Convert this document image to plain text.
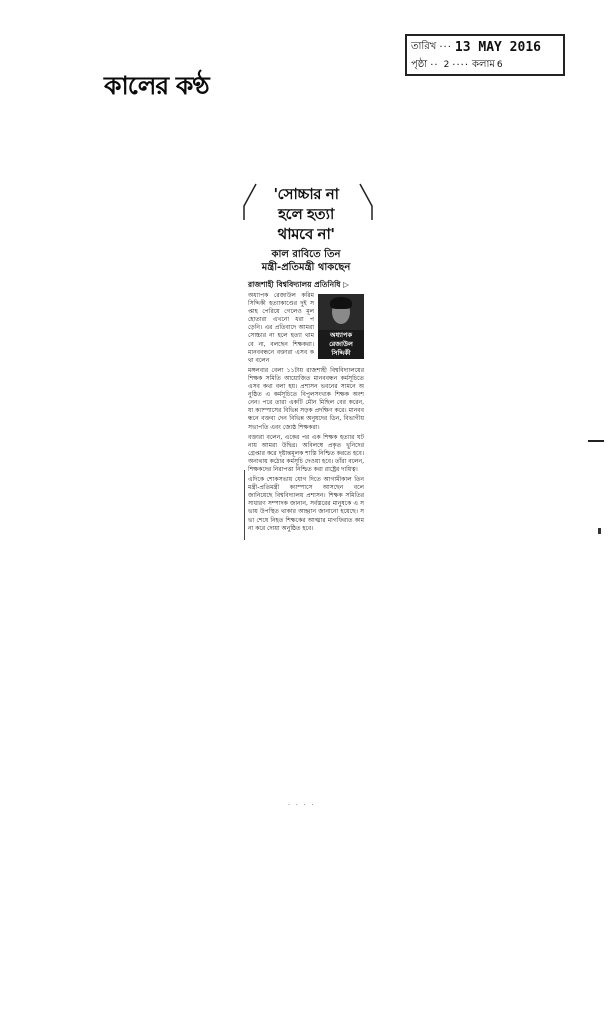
কালের কণ্ঠ
তারিখ ··· 13 MAY 2016
পৃষ্ঠা ·· 2 ···· কলাম 6
'সোচ্চার না
হলে হত্যা
থামবে না'
কাল রাবিতে তিন
মন্ত্রী-প্রতিমন্ত্রী থাকছেন
রাজশাহী বিশ্ববিদ্যালয় প্রতিনিধি ▷
অধ্যাপক রেজাউল
সিদ্দিকী
অধ্যাপক রেজাউল করিম সিদ্দিকী হত্যাকাণ্ডের দুই সপ্তাহ পেরিয়ে গেলেও মূল হোতারা এখনো ধরা পড়েনি। এর প্রতিবাদে আমরা সোচ্চার না হলে হত্যা থামবে না, বলছেন শিক্ষকরা। মানববন্ধনে বক্তারা এসব কথা বলেন
মঙ্গলবার বেলা ১১টায় রাজশাহী বিশ্ববিদ্যালয়ের শিক্ষক সমিতি আয়োজিত মানববন্ধন কর্মসূচিতে এসব কথা বলা হয়। প্রশাসন ভবনের সামনে অনুষ্ঠিত এ কর্মসূচিতে বিপুলসংখ্যক শিক্ষক অংশ নেন। পরে তারা একটি মৌন মিছিল বের করেন, যা ক্যাম্পাসের বিভিন্ন সড়ক প্রদক্ষিণ করে। মানববন্ধনে বক্তব্য দেন বিভিন্ন অনুষদের ডিন, বিভাগীয় সভাপতি এবং জ্যেষ্ঠ শিক্ষকরা।
বক্তারা বলেন, একের পর এক শিক্ষক হত্যার ঘটনায় আমরা উদ্বিগ্ন। অবিলম্বে প্রকৃত খুনিদের গ্রেপ্তার করে দৃষ্টান্তমূলক শাস্তি নিশ্চিত করতে হবে। অন্যথায় কঠোর কর্মসূচি দেওয়া হবে। তাঁরা বলেন, শিক্ষকদের নিরাপত্তা নিশ্চিত করা রাষ্ট্রের দায়িত্ব।
এদিকে শোকসভায় যোগ দিতে আগামীকাল তিন মন্ত্রী-প্রতিমন্ত্রী ক্যাম্পাসে আসছেন বলে জানিয়েছে বিশ্ববিদ্যালয় প্রশাসন। শিক্ষক সমিতির সাধারণ সম্পাদক জানান, সর্বস্তরের মানুষকে এ সভায় উপস্থিত থাকার আহ্বান জানানো হয়েছে। সভা শেষে নিহত শিক্ষকের আত্মার মাগফিরাত কামনা করে দোয়া অনুষ্ঠিত হবে।
· · · ·
